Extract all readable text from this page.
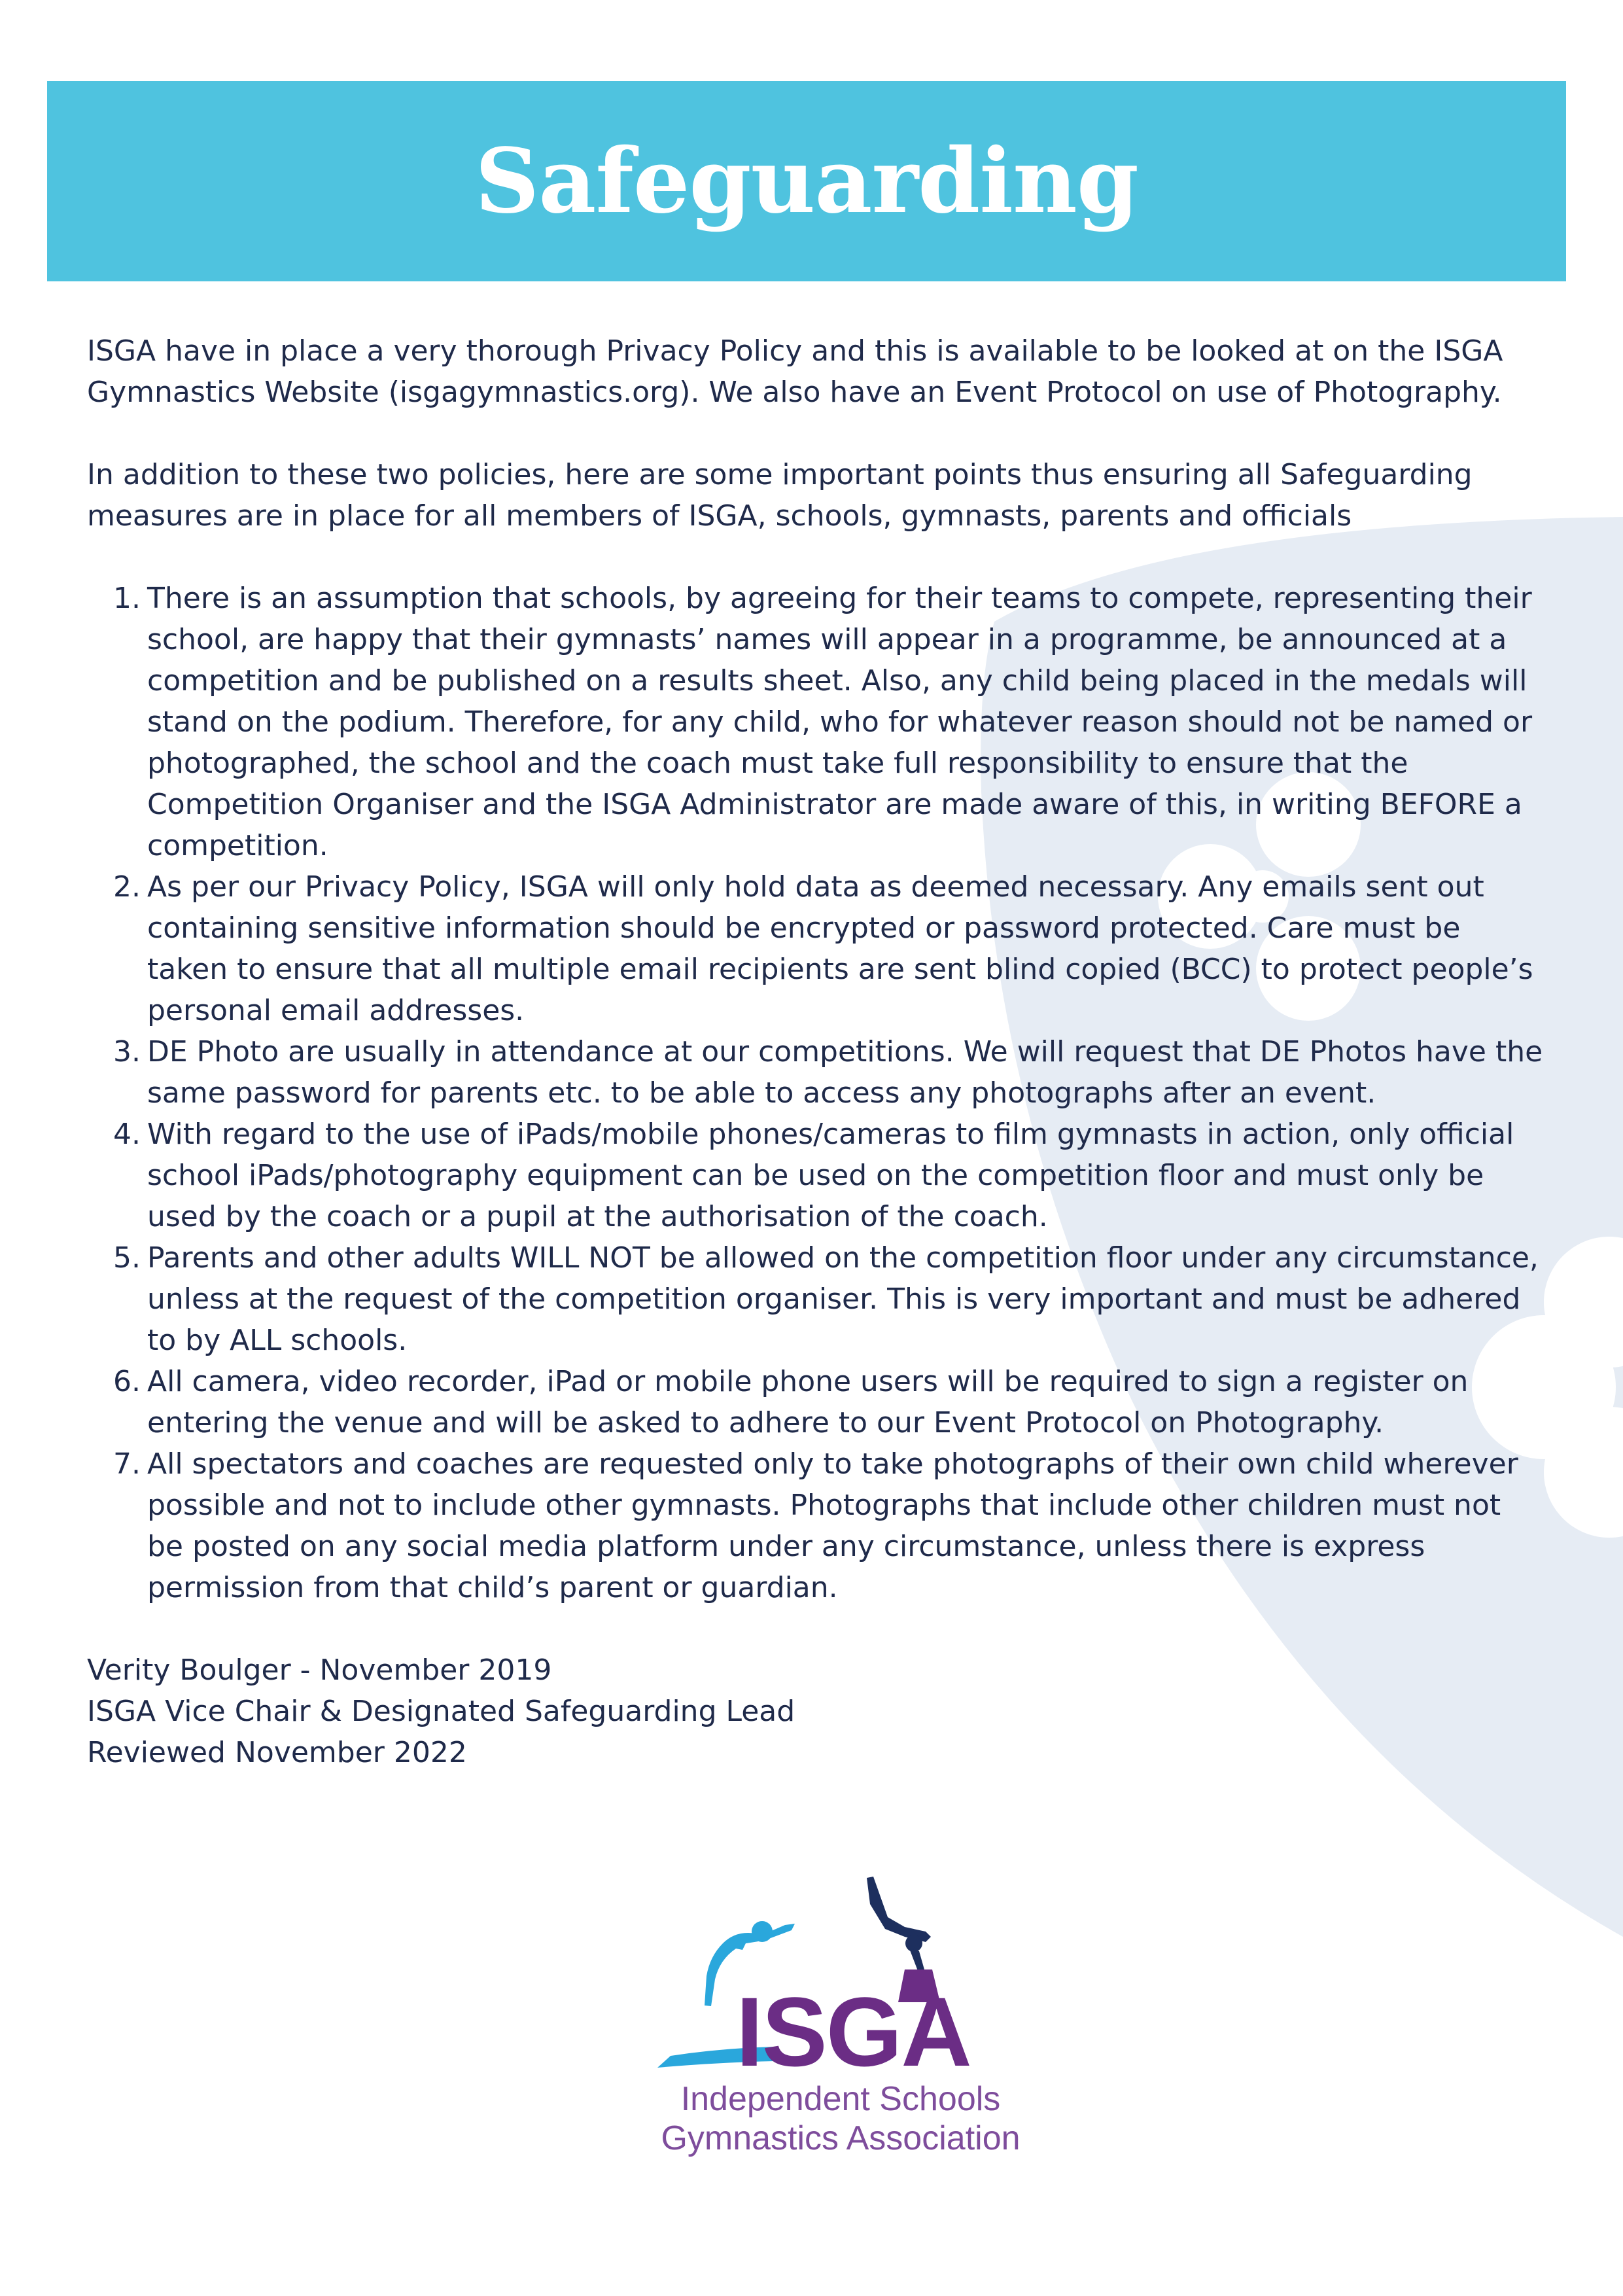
Safeguarding

ISGA have in place a very thorough Privacy Policy and this is available to be looked at on the ISGA Gymnastics Website (isgagymnastics.org). We also have an Event Protocol on use of Photography.

In addition to these two policies, here are some important points thus ensuring all Safeguarding measures are in place for all members of ISGA, schools, gymnasts, parents and officials

1. There is an assumption that schools, by agreeing for their teams to compete, representing their school, are happy that their gymnasts’ names will appear in a programme, be announced at a competition and be published on a results sheet. Also, any child being placed in the medals will stand on the podium. Therefore, for any child, who for whatever reason should not be named or photographed, the school and the coach must take full responsibility to ensure that the Competition Organiser and the ISGA Administrator are made aware of this, in writing BEFORE a competition.
2. As per our Privacy Policy, ISGA will only hold data as deemed necessary. Any emails sent out containing sensitive information should be encrypted or password protected. Care must be taken to ensure that all multiple email recipients are sent blind copied (BCC) to protect people’s personal email addresses.
3. DE Photo are usually in attendance at our competitions. We will request that DE Photos have the same password for parents etc. to be able to access any photographs after an event.
4. With regard to the use of iPads/mobile phones/cameras to film gymnasts in action, only official school iPads/photography equipment can be used on the competition floor and must only be used by the coach or a pupil at the authorisation of the coach.
5. Parents and other adults WILL NOT be allowed on the competition floor under any circumstance, unless at the request of the competition organiser. This is very important and must be adhered to by ALL schools.
6. All camera, video recorder, iPad or mobile phone users will be required to sign a register on entering the venue and will be asked to adhere to our Event Protocol on Photography.
7. All spectators and coaches are requested only to take photographs of their own child wherever possible and not to include other gymnasts. Photographs that include other children must not be posted on any social media platform under any circumstance, unless there is express permission from that child’s parent or guardian.

Verity Boulger - November 2019

ISGA Vice Chair & Designated Safeguarding Lead

Reviewed November 2022

ISGA
Independent Schools
Gymnastics Association
